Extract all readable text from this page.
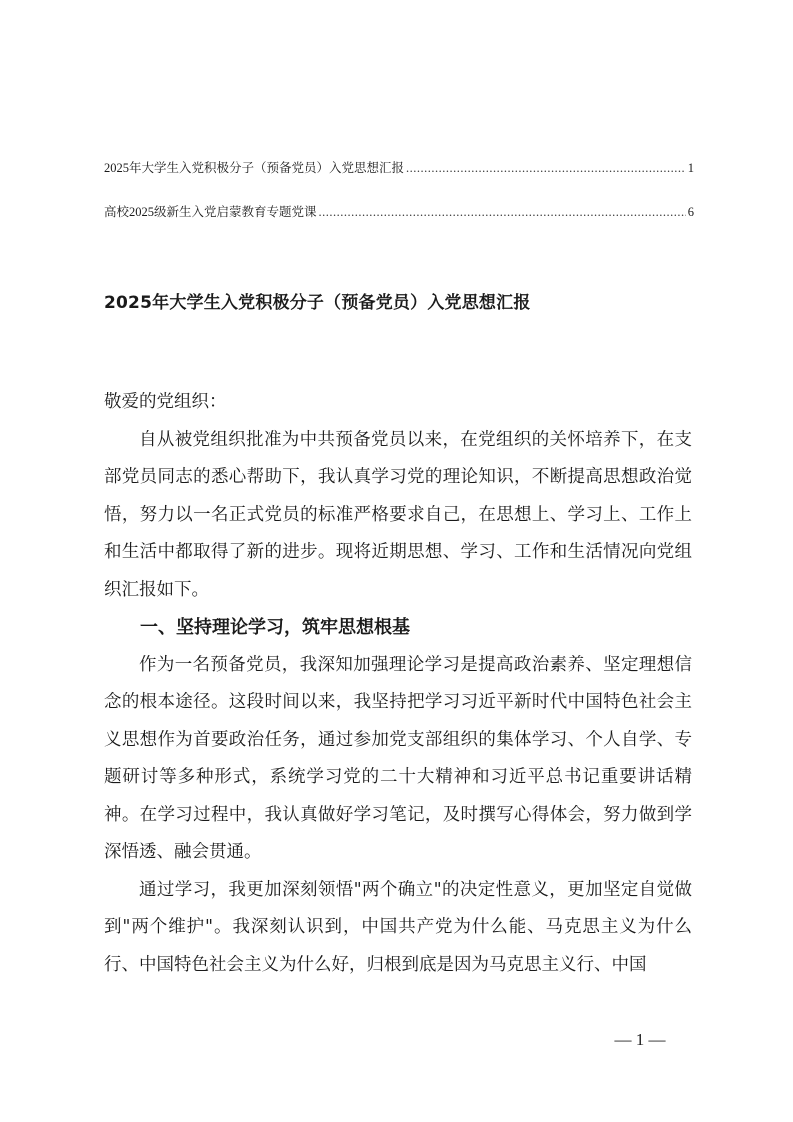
2025年大学生入党积极分子（预备党员）入党思想汇报 .....	1
高校2025级新生入党启蒙教育专题党课 .....	6
2025年大学生入党积极分子（预备党员）入党思想汇报

敬爱的党组织：

自从被党组织批准为中共预备党员以来，在党组织的关怀培养下，在支部党员同志的悉心帮助下，我认真学习党的理论知识，不断提高思想政治觉悟，努力以一名正式党员的标准严格要求自己，在思想上、学习上、工作上和生活中都取得了新的进步。现将近期思想、学习、工作和生活情况向党组织汇报如下。

一、坚持理论学习，筑牢思想根基

作为一名预备党员，我深知加强理论学习是提高政治素养、坚定理想信念的根本途径。这段时间以来，我坚持把学习习近平新时代中国特色社会主义思想作为首要政治任务，通过参加党支部组织的集体学习、个人自学、专题研讨等多种形式，系统学习党的二十大精神和习近平总书记重要讲话精神。在学习过程中，我认真做好学习笔记，及时撰写心得体会，努力做到学深悟透、融会贯通。

通过学习，我更加深刻领悟"两个确立"的决定性意义，更加坚定自觉做到"两个维护"。我深刻认识到，中国共产党为什么能、马克思主义为什么行、中国特色社会主义为什么好，归根到底是因为马克思主义行、中国

— 1 —
